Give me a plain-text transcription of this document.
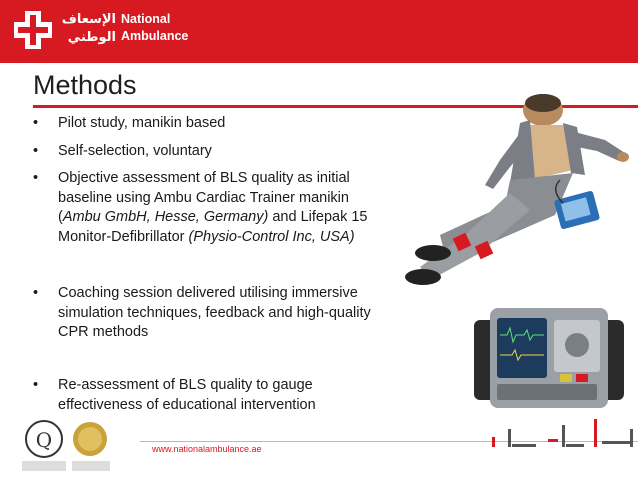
الإسعاف
الوطني
National
Ambulance
Methods
• Pilot study, manikin based
• Self-selection, voluntary
• Objective assessment of BLS quality as initial
baseline using Ambu Cardiac Trainer manikin
(Ambu GmbH, Hesse, Germany) and Lifepak 15
Monitor-Defibrillator (Physio-Control Inc, USA)
• Coaching session delivered utilising immersive
simulation techniques, feedback and high-quality
CPR methods
• Re-assessment of BLS quality to gauge
effectiveness of educational intervention
Q	www.nationalambulance.ae
